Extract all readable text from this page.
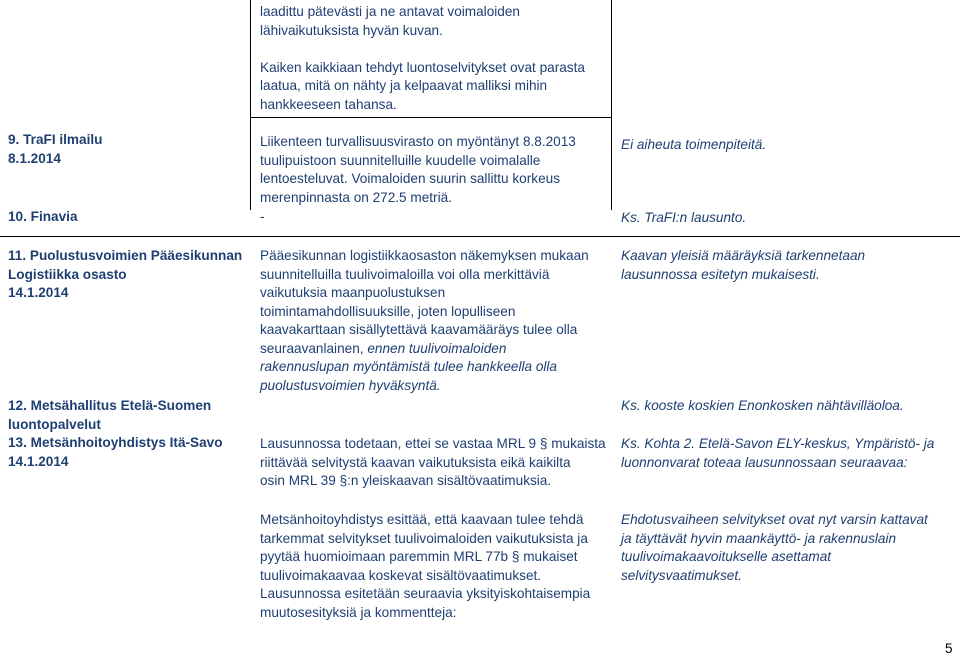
laadittu pätevästi ja ne antavat voimaloiden
lähivaikutuksista hyvän kuvan.
Kaiken kaikkiaan tehdyt luontoselvitykset ovat parasta
laatua, mitä on nähty ja kelpaavat malliksi mihin
hankkeeseen tahansa.
9. TraFI ilmailu
8.1.2014
Liikenteen turvallisuusvirasto on myöntänyt 8.8.2013
tuulipuistoon suunnitelluille kuudelle voimalalle
lentoesteluvat. Voimaloiden suurin sallittu korkeus
merenpinnasta on 272.5 metriä.
Ei aiheuta toimenpiteitä.
10. Finavia	-	Ks. TraFI:n lausunto.
11. Puolustusvoimien Pääesikunnan
Logistiikka osasto
14.1.2014
Pääesikunnan logistiikkaosaston näkemyksen mukaan
suunnitelluilla tuulivoimaloilla voi olla merkittäviä
vaikutuksia maanpuolustuksen
toimintamahdollisuuksille, joten lopulliseen
kaavakarttaan sisällytettävä kaavamääräys tulee olla
seuraavanlainen, ennen tuulivoimaloiden
rakennuslupan myöntämistä tulee hankkeella olla
puolustusvoimien hyväksyntä.
Kaavan yleisiä määräyksiä tarkennetaan
lausunnossa esitetyn mukaisesti.
12. Metsähallitus Etelä-Suomen
luontopalvelut
Ks. kooste koskien Enonkosken nähtävilläoloa.
13. Metsänhoitoyhdistys Itä-Savo
14.1.2014
Lausunnossa todetaan, ettei se vastaa MRL 9 § mukaista
riittävää selvitystä kaavan vaikutuksista eikä kaikilta
osin MRL 39 §:n yleiskaavan sisältövaatimuksia.
Ks. Kohta 2. Etelä-Savon ELY-keskus, Ympäristö- ja
luonnonvarat toteaa lausunnossaan seuraavaa:
Metsänhoitoyhdistys esittää, että kaavaan tulee tehdä
tarkemmat selvitykset tuulivoimaloiden vaikutuksista ja
pyytää huomioimaan paremmin MRL 77b § mukaiset
tuulivoimakaavaa koskevat sisältövaatimukset.
Lausunnossa esitetään seuraavia yksityiskohtaisempia
muutosesityksiä ja kommentteja:
Ehdotusvaiheen selvitykset ovat nyt varsin kattavat
ja täyttävät hyvin maankäyttö- ja rakennuslain
tuulivoimakaavoitukselle asettamat
selvitysvaatimukset.
5
